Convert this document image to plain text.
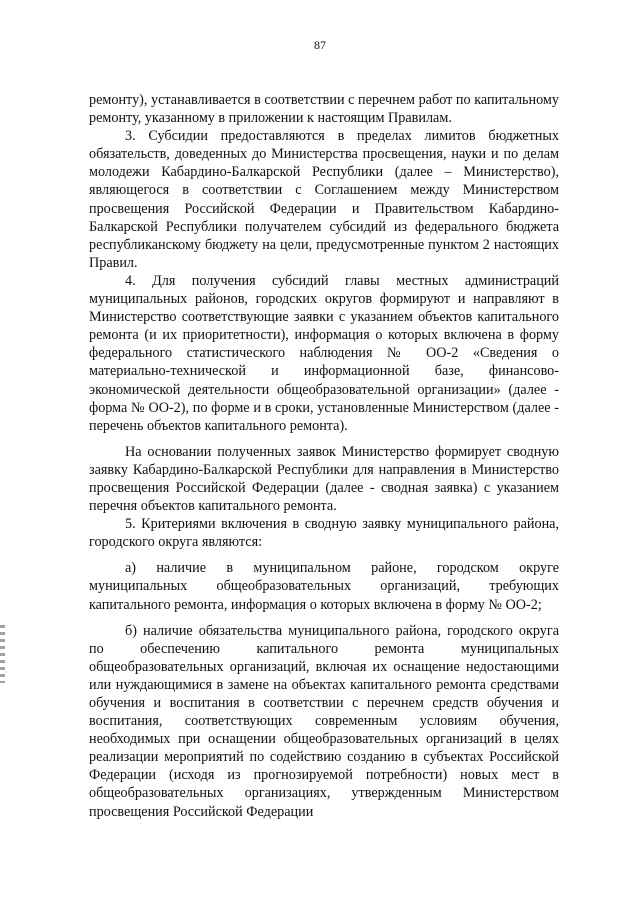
87

ремонту), устанавливается в соответствии с перечнем работ по капитальному ремонту, указанному в приложении к настоящим Правилам.

3. Субсидии предоставляются в пределах лимитов бюджетных обязательств, доведенных до Министерства просвещения, науки и по делам молодежи Кабардино-Балкарской Республики (далее – Министерство), являющегося в соответствии с Соглашением между Министерством просвещения Российской Федерации и Правительством Кабардино-Балкарской Республики получателем субсидий из федерального бюджета республиканскому бюджету на цели, предусмотренные пунктом 2 настоящих Правил.

4. Для получения субсидий главы местных администраций муниципальных районов, городских округов формируют и направляют в Министерство соответствующие заявки с указанием объектов капитального ремонта (и их приоритетности), информация о которых включена в форму федерального статистического наблюдения № ОО-2 «Сведения о материально-технической и информационной базе, финансово-экономической деятельности общеобразовательной организации» (далее - форма № ОО-2), по форме и в сроки, установленные Министерством (далее - перечень объектов капитального ремонта).

На основании полученных заявок Министерство формирует сводную заявку Кабардино-Балкарской Республики для направления в Министерство просвещения Российской Федерации (далее - сводная заявка) с указанием перечня объектов капитального ремонта.

5. Критериями включения в сводную заявку муниципального района, городского округа являются:

а) наличие в муниципальном районе, городском округе муниципальных общеобразовательных организаций, требующих капитального ремонта, информация о которых включена в форму № ОО-2;

б) наличие обязательства муниципального района, городского округа по обеспечению капитального ремонта муниципальных общеобразовательных организаций, включая их оснащение недостающими или нуждающимися в замене на объектах капитального ремонта средствами обучения и воспитания в соответствии с перечнем средств обучения и воспитания, соответствующих современным условиям обучения, необходимых при оснащении общеобразовательных организаций в целях реализации мероприятий по содействию созданию в субъектах Российской Федерации (исходя из прогнозируемой потребности) новых мест в общеобразовательных организациях, утвержденным Министерством просвещения Российской Федерации
